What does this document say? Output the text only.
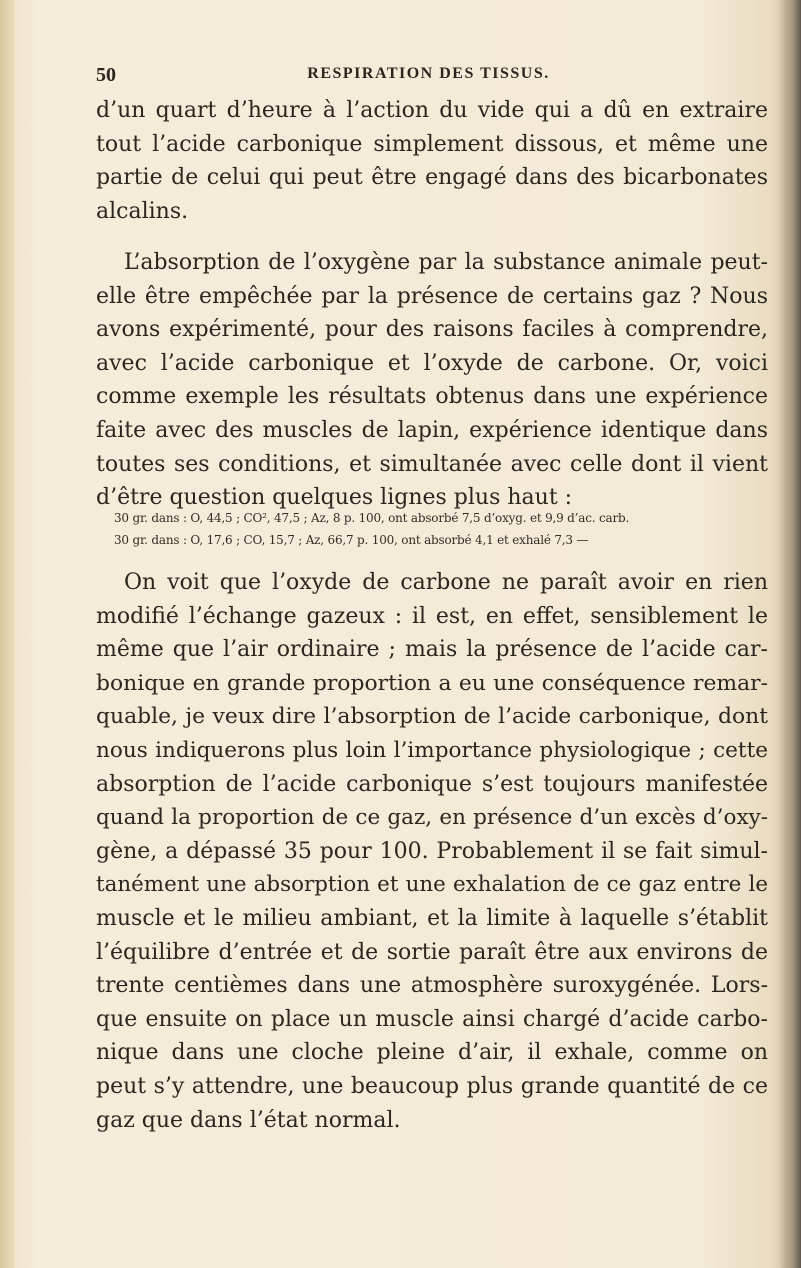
50	RESPIRATION DES TISSUS.
d’un quart d’heure à l’action du vide qui a dû en extraire
tout l’acide carbonique simplement dissous, et même une
partie de celui qui peut être engagé dans des bicarbonates
alcalins.
L’absorption de l’oxygène par la substance animale peut-
elle être empêchée par la présence de certains gaz ? Nous
avons expérimenté, pour des raisons faciles à comprendre,
avec l’acide carbonique et l’oxyde de carbone. Or, voici
comme exemple les résultats obtenus dans une expérience
faite avec des muscles de lapin, expérience identique dans
toutes ses conditions, et simultanée avec celle dont il vient
d’être question quelques lignes plus haut :
30 gr. dans : O, 44,5 ; CO², 47,5 ; Az, 8 p. 100, ont absorbé 7,5 d’oxyg. et 9,9 d’ac. carb.
30 gr. dans : O, 17,6 ; CO, 15,7 ; Az, 66,7 p. 100, ont absorbé 4,1 et exhalé 7,3 —
On voit que l’oxyde de carbone ne paraît avoir en rien
modifié l’échange gazeux : il est, en effet, sensiblement le
même que l’air ordinaire ; mais la présence de l’acide car-
bonique en grande proportion a eu une conséquence remar-
quable, je veux dire l’absorption de l’acide carbonique, dont
nous indiquerons plus loin l’importance physiologique ; cette
absorption de l’acide carbonique s’est toujours manifestée
quand la proportion de ce gaz, en présence d’un excès d’oxy-
gène, a dépassé 35 pour 100. Probablement il se fait simul-
tanément une absorption et une exhalation de ce gaz entre le
muscle et le milieu ambiant, et la limite à laquelle s’établit
l’équilibre d’entrée et de sortie paraît être aux environs de
trente centièmes dans une atmosphère suroxygénée. Lors-
que ensuite on place un muscle ainsi chargé d’acide carbo-
nique dans une cloche pleine d’air, il exhale, comme on
peut s’y attendre, une beaucoup plus grande quantité de ce
gaz que dans l’état normal.
